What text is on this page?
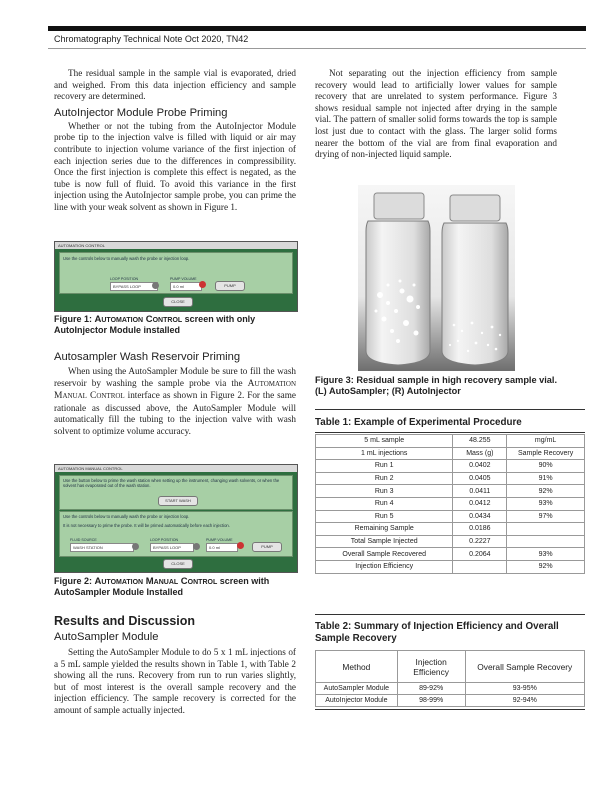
Chromatography Technical Note Oct 2020, TN42

The residual sample in the sample vial is evaporated, dried and weighed. From this data injection efficiency and sample recovery are determined.

AutoInjector Module Probe Priming

Whether or not the tubing from the AutoInjector Module probe tip to the injection valve is filled with liquid or air may contribute to injection volume variance of the first injection of each injection series due to the differences in compressibility. Once the first injection is complete this effect is negated, as the tube is now full of fluid. To avoid this variance in the first injection using the AutoInjector sample probe, you can prime the line with your weak solvent as shown in Figure 1.

AUTOMATION CONTROL
Use the controls below to manually wash the probe or injection loop.
LOOP POSITION
BYPASS LOOP
PUMP VOLUME
0.0 ml	PUMP
CLOSE
Figure 1: Automation Control screen with only AutoInjector Module installed

Autosampler Wash Reservoir Priming

When using the AutoSampler Module be sure to fill the wash reservoir by washing the sample probe via the Automation Manual Control interface as shown in Figure 2. For the same rationale as discussed above, the AutoSampler Module will automatically fill the tubing to the injection valve with wash solvent to optimize volume accuracy.

AUTOMATION MANUAL CONTROL
Use the button below to prime the wash station when setting up the instrument, changing wash solvents, or when the solvent has evaporated out of the wash station.
START WASH
Use the controls below to manually wash the probe or injection loop.
It is not necessary to prime the probe. It will be primed automatically before each injection.
FLUID SOURCE
WASH STATION
LOOP POSITION
BYPASS LOOP
PUMP VOLUME
0.0 ml	PUMP
CLOSE
Figure 2: Automation Manual Control screen with AutoSampler Module Installed

Results and Discussion

AutoSampler Module

Setting the AutoSampler Module to do 5 x 1 mL injections of a 5 mL sample yielded the results shown in Table 1, with Table 2 showing all the runs. Recovery from run to run varies slightly, but of most interest is the overall sample recovery and the injection efficiency. The sample recovery is corrected for the amount of sample actually injected.

Not separating out the injection efficiency from sample recovery would lead to artificially lower values for sample recovery that are unrelated to system performance. Figure 3 shows residual sample not injected after drying in the sample vial. The pattern of smaller solid forms towards the top is sample lost just due to contact with the glass. The larger solid forms nearer the bottom of the vial are from final evaporation and drying of non-injected liquid sample.

Figure 3: Residual sample in high recovery sample vial. (L) AutoSampler; (R) AutoInjector
Table 1: Example of Experimental Procedure
5 mL sample	48.255	mg/mL
1 mL injections	Mass (g)	Sample Recovery
Run 1	0.0402	90%
Run 2	0.0405	91%
Run 3	0.0411	92%
Run 4	0.0412	93%
Run 5	0.0434	97%
Remaining Sample	0.0186	
Total Sample Injected	0.2227	
Overall Sample Recovered	0.2064	93%
Injection Efficiency		92%
Table 2: Summary of Injection Efficiency and Overall Sample Recovery
Method	Injection Efficiency	Overall Sample Recovery
AutoSampler Module	89-92%	93-95%
AutoInjector Module	98-99%	92-94%
